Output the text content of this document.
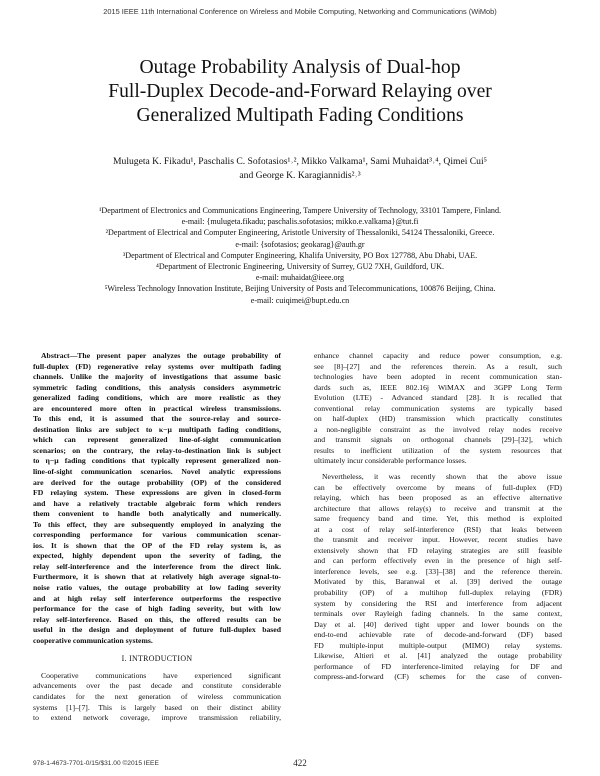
2015 IEEE 11th International Conference on Wireless and Mobile Computing, Networking and Communications (WiMob)
Outage Probability Analysis of Dual-hop
Full-Duplex Decode-and-Forward Relaying over
Generalized Multipath Fading Conditions
Mulugeta K. Fikadu¹, Paschalis C. Sofotasios¹˒², Mikko Valkama¹, Sami Muhaidat³˒⁴, Qimei Cui⁵
and George K. Karagiannidis²˒³
¹Department of Electronics and Communications Engineering, Tampere University of Technology, 33101 Tampere, Finland.
e-mail: {mulugeta.fikadu; paschalis.sofotasios; mikko.e.valkama}@tut.fi
²Department of Electrical and Computer Engineering, Aristotle University of Thessaloniki, 54124 Thessaloniki, Greece.
e-mail: {sofotasios; geokarag}@auth.gr
³Department of Electrical and Computer Engineering, Khalifa University, PO Box 127788, Abu Dhabi, UAE.
⁴Department of Electronic Engineering, University of Surrey, GU2 7XH, Guildford, UK.
e-mail: muhaidat@ieee.org
⁵Wireless Technology Innovation Institute, Beijing University of Posts and Telecommunications, 100876 Beijing, China.
e-mail: cuiqimei@bupt.edu.cn
Abstract—The present paper analyzes the outage probability of
full-duplex (FD) regenerative relay systems over multipath fading
channels. Unlike the majority of investigations that assume basic
symmetric fading conditions, this analysis considers asymmetric
generalized fading conditions, which are more realistic as they
are encountered more often in practical wireless transmissions.
To this end, it is assumed that the source-relay and source-
destination links are subject to κ−μ multipath fading conditions,
which can represent generalized line-of-sight communication
scenarios; on the contrary, the relay-to-destination link is subject
to η−μ fading conditions that typically represent generalized non-
line-of-sight communication scenarios. Novel analytic expressions
are derived for the outage probability (OP) of the considered
FD relaying system. These expressions are given in closed-form
and have a relatively tractable algebraic form which renders
them convenient to handle both analytically and numerically.
To this effect, they are subsequently employed in analyzing the
corresponding performance for various communication scenar-
ios. It is shown that the OP of the FD relay system is, as
expected, highly dependent upon the severity of fading, the
relay self-interference and the interference from the direct link.
Furthermore, it is shown that at relatively high average signal-to-
noise ratio values, the outage probability at low fading severity
and at high relay self interference outperforms the respective
performance for the case of high fading severity, but with low
relay self-interference. Based on this, the offered results can be
useful in the design and deployment of future full-duplex based
cooperative communication systems.
I. INTRODUCTION
Cooperative communications have experienced significant
advancements over the past decade and constitute considerable
candidates for the next generation of wireless communication
systems [1]–[7]. This is largely based on their distinct ability
to extend network coverage, improve transmission reliability,
enhance channel capacity and reduce power consumption, e.g.
see [8]–[27] and the references therein. As a result, such
technologies have been adopted in recent communication stan-
dards such as, IEEE 802.16j WiMAX and 3GPP Long Term
Evolution (LTE) - Advanced standard [28]. It is recalled that
conventional relay communication systems are typically based
on half-duplex (HD) transmission which practically constitutes
a non-negligible constraint as the involved relay nodes receive
and transmit signals on orthogonal channels [29]–[32], which
results to inefficient utilization of the system resources that
ultimately incur considerable performance losses.
Nevertheless, it was recently shown that the above issue
can be effectively overcome by means of full-duplex (FD)
relaying, which has been proposed as an effective alternative
architecture that allows relay(s) to receive and transmit at the
same frequency band and time. Yet, this method is exploited
at a cost of relay self-interference (RSI) that leaks between
the transmit and receiver input. However, recent studies have
extensively shown that FD relaying strategies are still feasible
and can perform effectively even in the presence of high self-
interference levels, see e.g. [33]–[38] and the reference therein.
Motivated by this, Baranwal et al. [39] derived the outage
probability (OP) of a multihop full-duplex relaying (FDR)
system by considering the RSI and interference from adjacent
terminals over Rayleigh fading channels. In the same context,
Day et al. [40] derived tight upper and lower bounds on the
end-to-end achievable rate of decode-and-forward (DF) based
FD multiple-input multiple-output (MIMO) relay systems.
Likewise, Altieri et al. [41] analyzed the outage probability
performance of FD interference-limited relaying for DF and
compress-and-forward (CF) schemes for the case of conven-
978-1-4673-7701-0/15/$31.00 ©2015 IEEE	422
